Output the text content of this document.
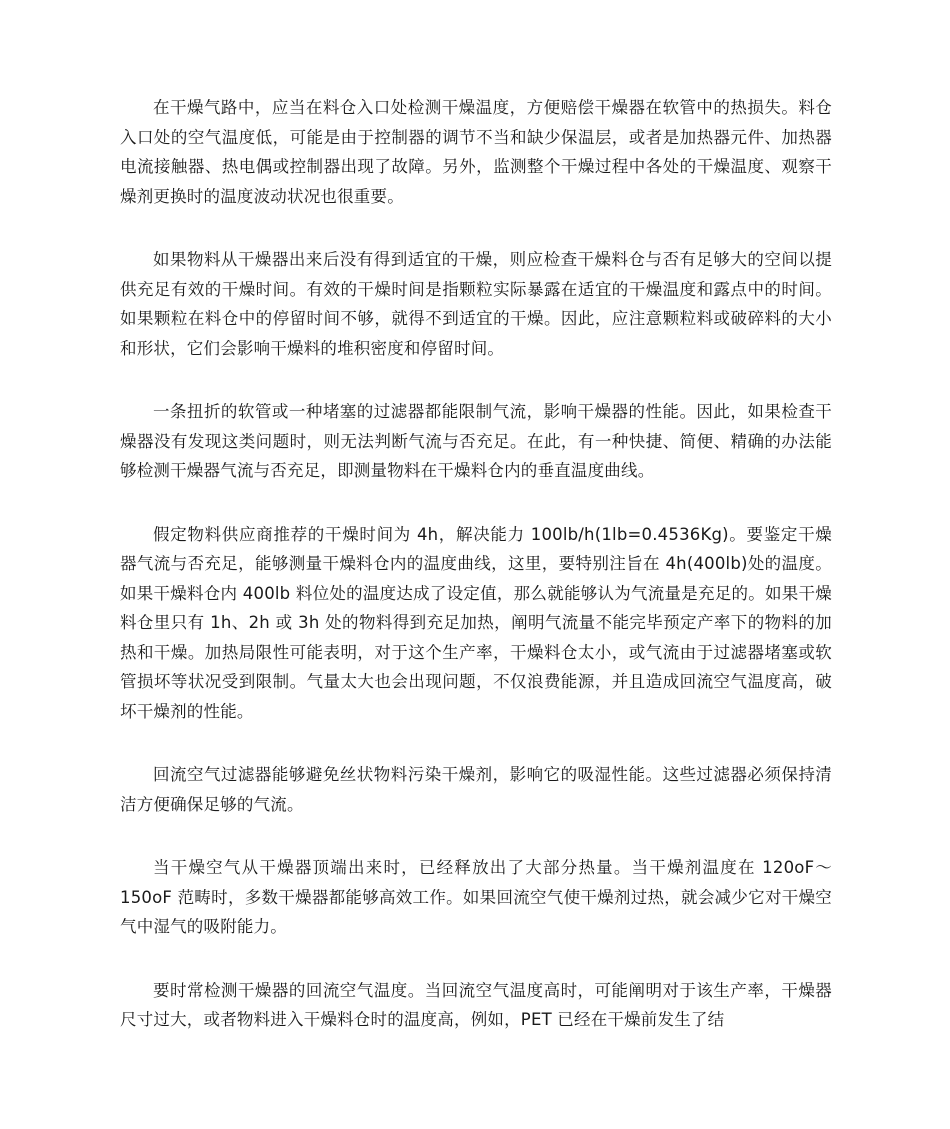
在干燥气路中，应当在料仓入口处检测干燥温度，方便赔偿干燥器在软管中的热损失。料仓入口处的空气温度低，可能是由于控制器的调节不当和缺少保温层，或者是加热器元件、加热器电流接触器、热电偶或控制器出现了故障。另外，监测整个干燥过程中各处的干燥温度、观察干燥剂更换时的温度波动状况也很重要。

如果物料从干燥器出来后没有得到适宜的干燥，则应检查干燥料仓与否有足够大的空间以提供充足有效的干燥时间。有效的干燥时间是指颗粒实际暴露在适宜的干燥温度和露点中的时间。如果颗粒在料仓中的停留时间不够，就得不到适宜的干燥。因此，应注意颗粒料或破碎料的大小和形状，它们会影响干燥料的堆积密度和停留时间。

一条扭折的软管或一种堵塞的过滤器都能限制气流，影响干燥器的性能。因此，如果检查干燥器没有发现这类问题时，则无法判断气流与否充足。在此，有一种快捷、简便、精确的办法能够检测干燥器气流与否充足，即测量物料在干燥料仓内的垂直温度曲线。

假定物料供应商推荐的干燥时间为 4h，解决能力 100lb/h(1lb=0.4536Kg)。要鉴定干燥器气流与否充足，能够测量干燥料仓内的温度曲线，这里，要特别注旨在 4h(400lb)处的温度。如果干燥料仓内 400lb 料位处的温度达成了设定值，那么就能够认为气流量是充足的。如果干燥料仓里只有 1h、2h 或 3h 处的物料得到充足加热，阐明气流量不能完毕预定产率下的物料的加热和干燥。加热局限性可能表明，对于这个生产率，干燥料仓太小，或气流由于过滤器堵塞或软管损坏等状况受到限制。气量太大也会出现问题，不仅浪费能源，并且造成回流空气温度高，破坏干燥剂的性能。

回流空气过滤器能够避免丝状物料污染干燥剂，影响它的吸湿性能。这些过滤器必须保持清洁方便确保足够的气流。

当干燥空气从干燥器顶端出来时，已经释放出了大部分热量。当干燥剂温度在 120oF～150oF 范畴时，多数干燥器都能够高效工作。如果回流空气使干燥剂过热，就会减少它对干燥空气中湿气的吸附能力。

要时常检测干燥器的回流空气温度。当回流空气温度高时，可能阐明对于该生产率，干燥器尺寸过大，或者物料进入干燥料仓时的温度高，例如，PET 已经在干燥前发生了结
